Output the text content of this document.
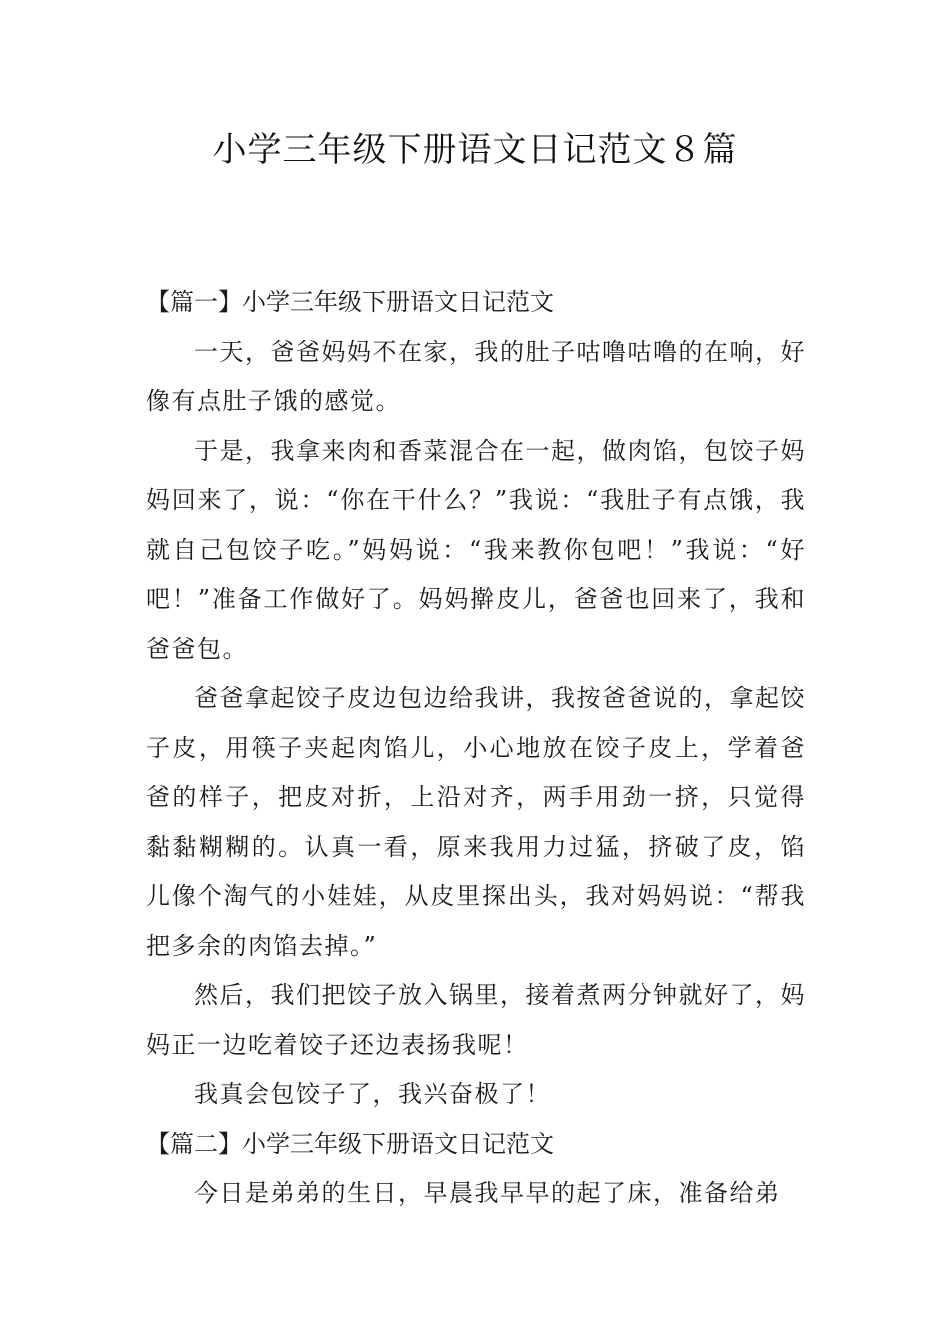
小学三年级下册语文日记范文８篇

【篇一】小学三年级下册语文日记范文

一天，爸爸妈妈不在家，我的肚子咕噜咕噜的在响，好像有点肚子饿的感觉。

于是，我拿来肉和香菜混合在一起，做肉馅，包饺子妈妈回来了，说：“你在干什么？”我说：“我肚子有点饿，我就自己包饺子吃。”妈妈说：“我来教你包吧！”我说：“好吧！”准备工作做好了。妈妈擀皮儿，爸爸也回来了，我和爸爸包。

爸爸拿起饺子皮边包边给我讲，我按爸爸说的，拿起饺子皮，用筷子夹起肉馅儿，小心地放在饺子皮上，学着爸爸的样子，把皮对折，上沿对齐，两手用劲一挤，只觉得黏黏糊糊的。认真一看，原来我用力过猛，挤破了皮，馅儿像个淘气的小娃娃，从皮里探出头，我对妈妈说：“帮我把多余的肉馅去掉。”

然后，我们把饺子放入锅里，接着煮两分钟就好了，妈妈正一边吃着饺子还边表扬我呢！

我真会包饺子了，我兴奋极了！

【篇二】小学三年级下册语文日记范文

今日是弟弟的生日，早晨我早早的起了床，准备给弟
